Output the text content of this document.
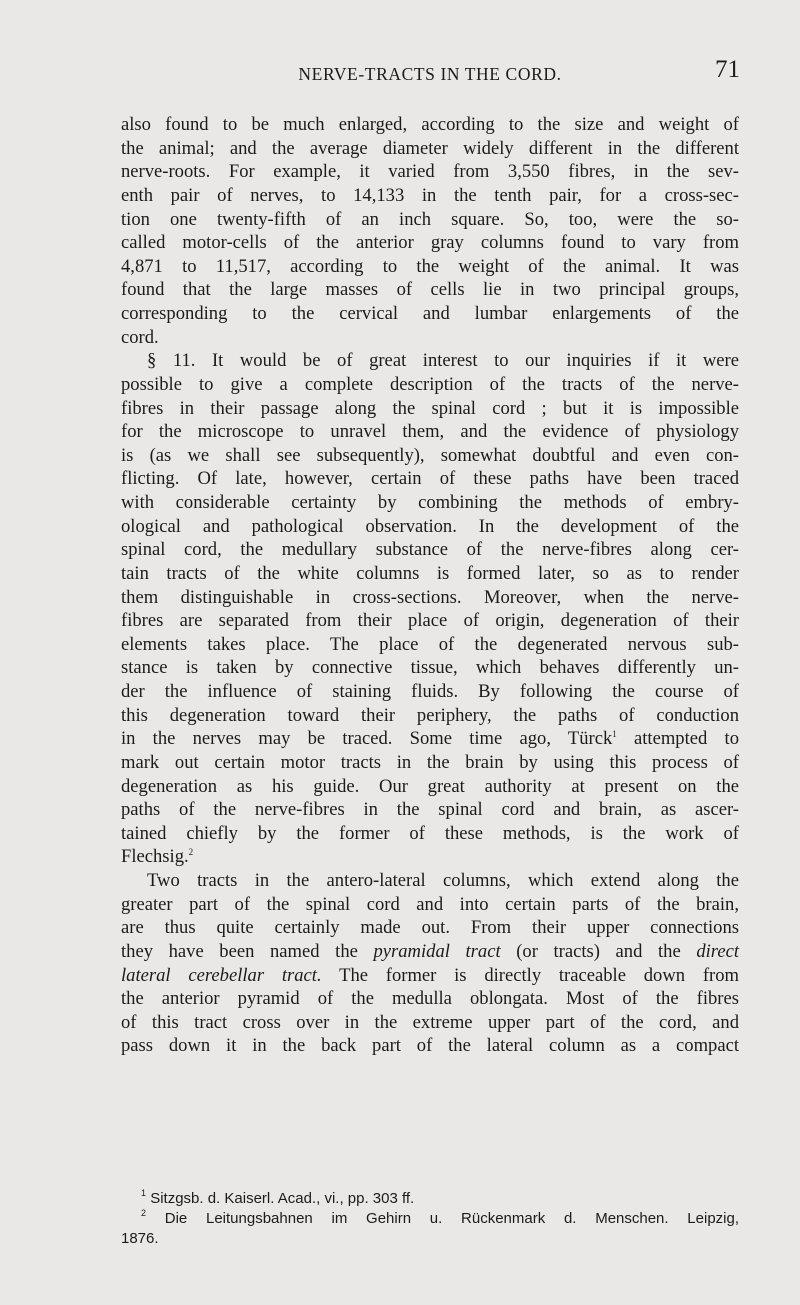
NERVE-TRACTS IN THE CORD.	71
also found to be much enlarged, according to the size and weight of
the animal; and the average diameter widely different in the different
nerve-roots. For example, it varied from 3,550 fibres, in the sev-
enth pair of nerves, to 14,133 in the tenth pair, for a cross-sec-
tion one twenty-fifth of an inch square. So, too, were the so-
called motor-cells of the anterior gray columns found to vary from
4,871 to 11,517, according to the weight of the animal. It was
found that the large masses of cells lie in two principal groups,
corresponding to the cervical and lumbar enlargements of the
cord.
§ 11. It would be of great interest to our inquiries if it were
possible to give a complete description of the tracts of the nerve-
fibres in their passage along the spinal cord ; but it is impossible
for the microscope to unravel them, and the evidence of physiology
is (as we shall see subsequently), somewhat doubtful and even con-
flicting. Of late, however, certain of these paths have been traced
with considerable certainty by combining the methods of embry-
ological and pathological observation. In the development of the
spinal cord, the medullary substance of the nerve-fibres along cer-
tain tracts of the white columns is formed later, so as to render
them distinguishable in cross-sections. Moreover, when the nerve-
fibres are separated from their place of origin, degeneration of their
elements takes place. The place of the degenerated nervous sub-
stance is taken by connective tissue, which behaves differently un-
der the influence of staining fluids. By following the course of
this degeneration toward their periphery, the paths of conduction
in the nerves may be traced. Some time ago, Türck$^1$ attempted to
mark out certain motor tracts in the brain by using this process of
degeneration as his guide. Our great authority at present on the
paths of the nerve-fibres in the spinal cord and brain, as ascer-
tained chiefly by the former of these methods, is the work of
Flechsig.$^2$
Two tracts in the antero-lateral columns, which extend along the
greater part of the spinal cord and into certain parts of the brain,
are thus quite certainly made out. From their upper connections
they have been named the pyramidal tract (or tracts) and the direct
lateral cerebellar tract. The former is directly traceable down from
the anterior pyramid of the medulla oblongata. Most of the fibres
of this tract cross over in the extreme upper part of the cord, and
pass down it in the back part of the lateral column as a compact
$^1$ Sitzgsb. d. Kaiserl. Acad., vi., pp. 303 ff.
$^2$ Die Leitungsbahnen im Gehirn u. Rückenmark d. Menschen. Leipzig,
1876.
